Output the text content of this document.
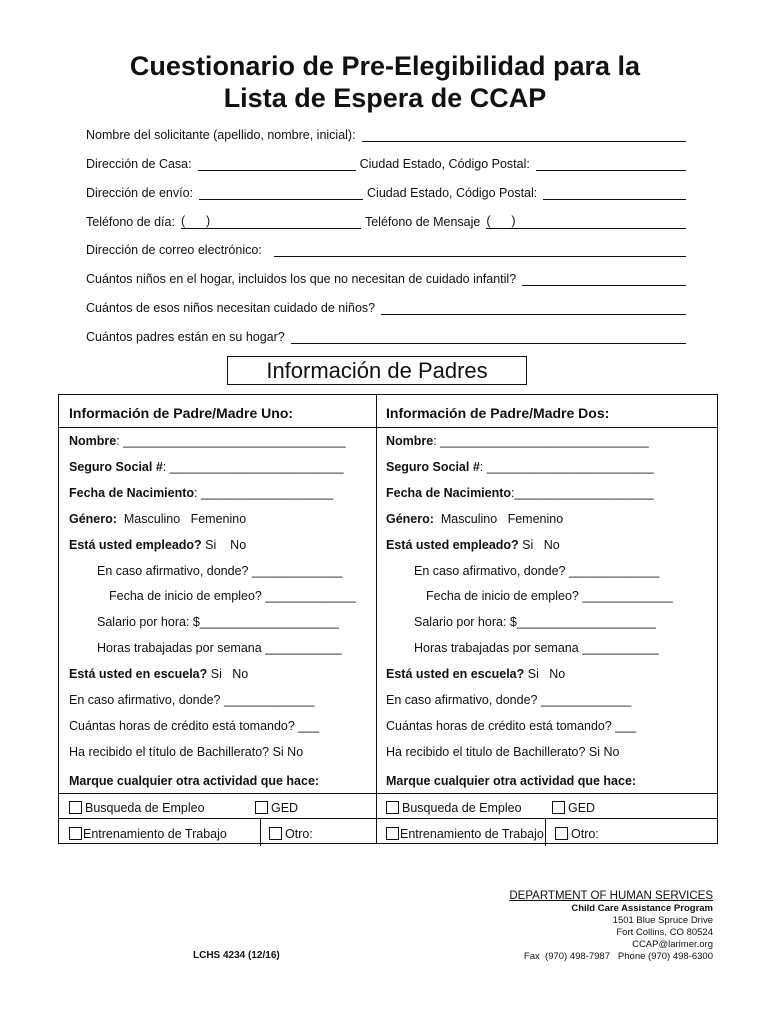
Cuestionario de Pre-Elegibilidad para la
Lista de Espera de CCAP
Nombre del solicitante (apellido, nombre, inicial):
Dirección de Casa:	Ciudad Estado, Código Postal:
Dirección de envío:	Ciudad Estado, Código Postal:
Teléfono de día: (      )	Teléfono de Mensaje (      )
Dirección de correo electrónico:
Cuántos niños en el hogar, incluidos los que no necesitan de cuidado infantil?
Cuántos de esos niños necesitan cuidado de niños?
Cuántos padres están en su hogar?
Información de Padres
Información de Padre/Madre Uno:
Nombre: ________________________________
Seguro Social #: _________________________
Fecha de Nacimiento: ___________________
Género:  Masculino   Femenino
Está usted empleado? Si    No
En caso afirmativo, donde? _____________
Fecha de inicio de empleo? _____________
Salario por hora: $____________________
Horas trabajadas por semana ___________
Está usted en escuela? Si   No
En caso afirmativo, donde? _____________
Cuántas horas de crédito está tomando? ___
Ha recibido el título de Bachillerato? Si No
Marque cualquier otra actividad que hace:
Busqueda de Empleo	GED
Entrenamiento de Trabajo	Otro:
Información de Padre/Madre Dos:
Nombre: ______________________________
Seguro Social #: ________________________
Fecha de Nacimiento:____________________
Género:  Masculino   Femenino
Está usted empleado? Si   No
En caso afirmativo, donde? _____________
Fecha de inicio de empleo? _____________
Salario por hora: $____________________
Horas trabajadas por semana ___________
Está usted en escuela? Si   No
En caso afirmativo, donde? _____________
Cuántas horas de crédito está tomando? ___
Ha recibido el titulo de Bachillerato? Si No
Marque cualquier otra actividad que hace:
Busqueda de Empleo	GED
Entrenamiento de Trabajo	Otro:
DEPARTMENT OF HUMAN SERVICES
Child Care Assistance Program
1501 Blue Spruce Drive
Fort Collins, CO 80524
CCAP@larimer.org
Fax  (970) 498-7987   Phone (970) 498-6300
LCHS 4234 (12/16)
